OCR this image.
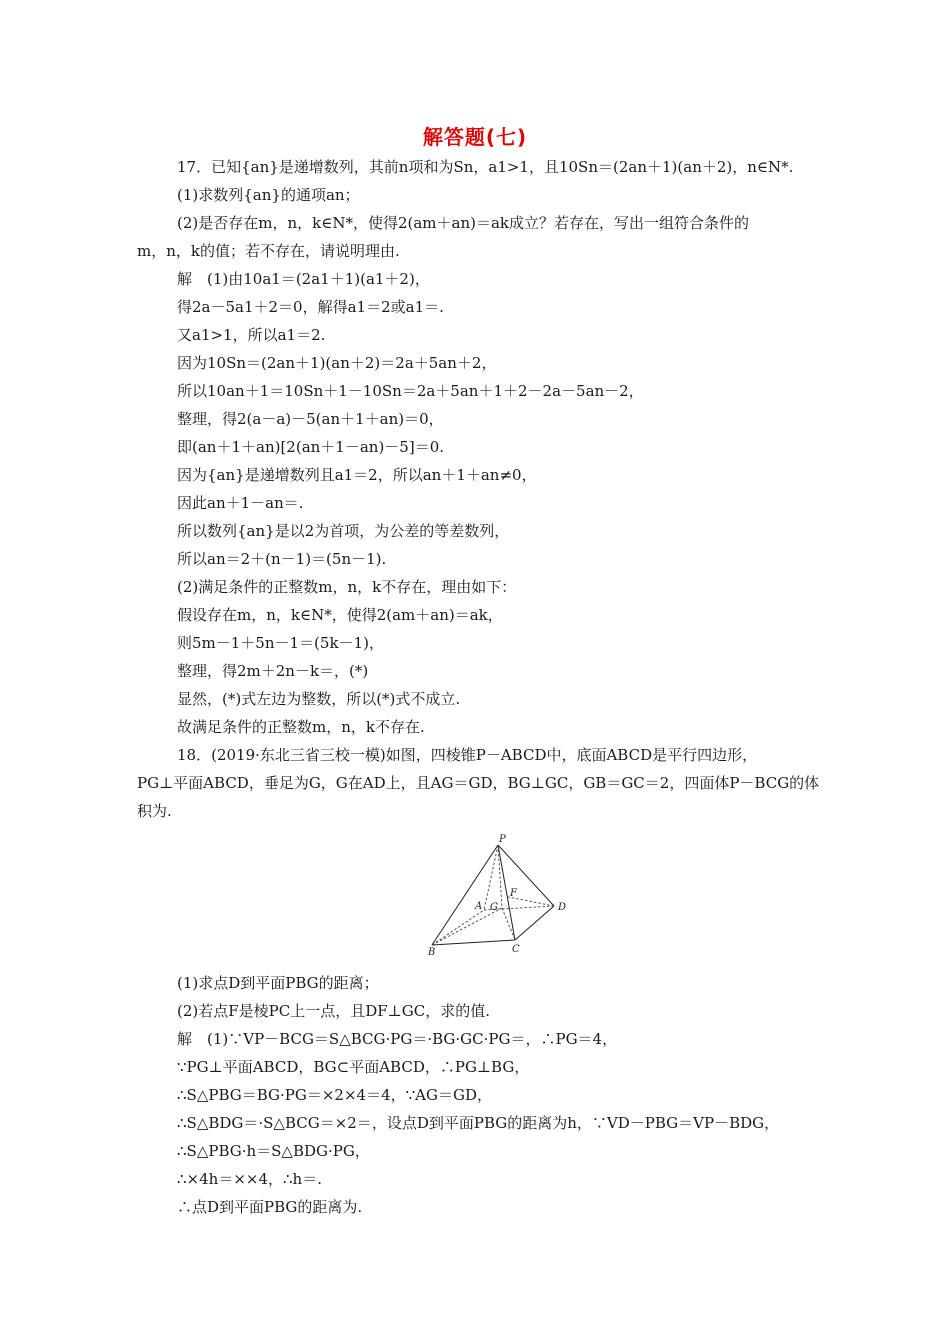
解答题(七)
17．已知{an}是递增数列，其前n项和为Sn，a1>1，且10Sn＝(2an＋1)(an＋2)，n∈N*.
(1)求数列{an}的通项an；
(2)是否存在m，n，k∈N*，使得2(am＋an)＝ak成立？若存在，写出一组符合条件的
m，n，k的值；若不存在，请说明理由.
解　(1)由10a1＝(2a1＋1)(a1＋2)，
得2a－5a1＋2＝0，解得a1＝2或a1＝.
又a1>1，所以a1＝2.
因为10Sn＝(2an＋1)(an＋2)＝2a＋5an＋2，
所以10an＋1＝10Sn＋1－10Sn＝2a＋5an＋1＋2－2a－5an－2，
整理，得2(a－a)－5(an＋1＋an)＝0，
即(an＋1＋an)[2(an＋1－an)－5]＝0.
因为{an}是递增数列且a1＝2，所以an＋1＋an≠0，
因此an＋1－an＝.
所以数列{an}是以2为首项，为公差的等差数列，
所以an＝2＋(n－1)＝(5n－1).
(2)满足条件的正整数m，n，k不存在，理由如下：
假设存在m，n，k∈N*，使得2(am＋an)＝ak，
则5m－1＋5n－1＝(5k－1)，
整理，得2m＋2n－k＝，(*)
显然，(*)式左边为整数，所以(*)式不成立.
故满足条件的正整数m，n，k不存在.
18．(2019·东北三省三校一模)如图，四棱锥P－ABCD中，底面ABCD是平行四边形，
PG⊥平面ABCD，垂足为G，G在AD上，且AG＝GD，BG⊥GC，GB＝GC＝2，四面体P－BCG的体
积为.
P
A G
F
D
B	C
(1)求点D到平面PBG的距离；
(2)若点F是棱PC上一点，且DF⊥GC，求的值.
解　(1)∵VP－BCG＝S△BCG·PG＝·BG·GC·PG＝，∴PG＝4，
∵PG⊥平面ABCD，BG⊂平面ABCD，∴PG⊥BG，
∴S△PBG＝BG·PG＝×2×4＝4，∵AG＝GD，
∴S△BDG＝·S△BCG＝×2＝，设点D到平面PBG的距离为h，∵VD－PBG＝VP－BDG，
∴S△PBG·h＝S△BDG·PG，
∴×4h＝××4，∴h＝.
∴点D到平面PBG的距离为.
